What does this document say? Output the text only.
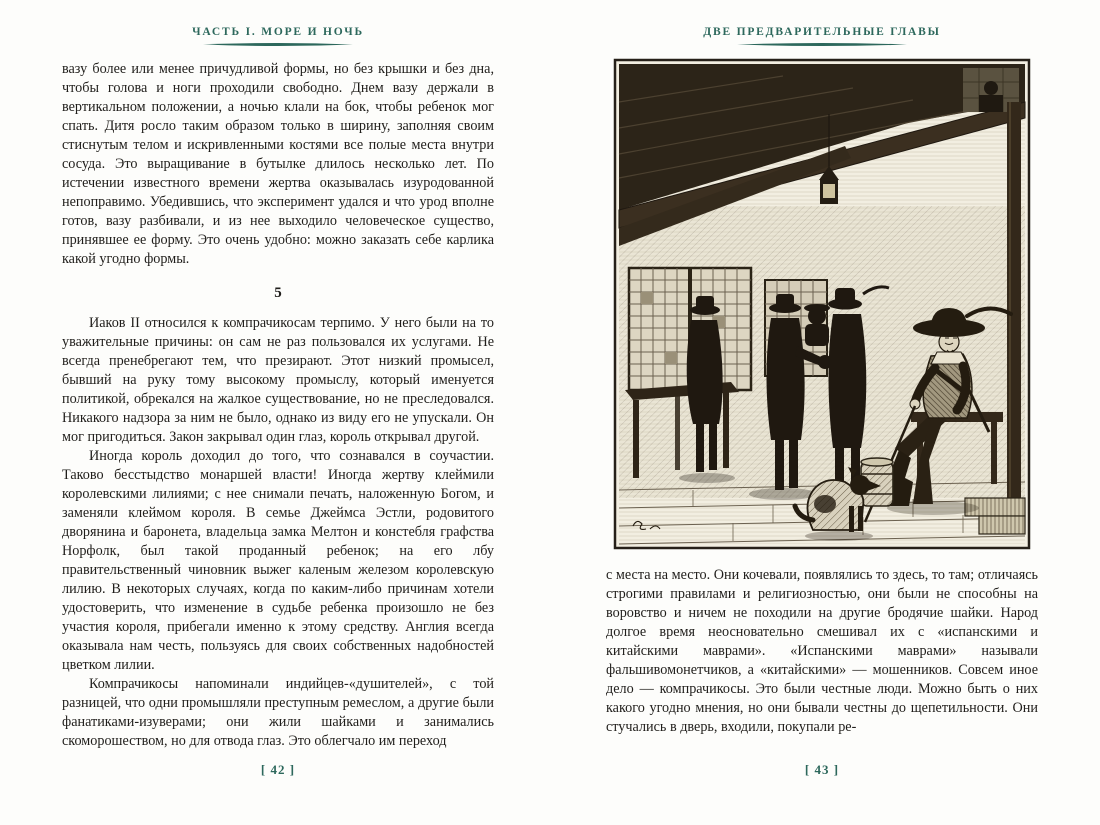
ЧАСТЬ I. МОРЕ И НОЧЬ

вазу более или менее причудливой формы, но без крышки и без дна, чтобы голова и ноги проходили свободно. Днем вазу держали в вертикальном положении, а ночью клали на бок, чтобы ребенок мог спать. Дитя росло таким образом только в ширину, заполняя своим стиснутым телом и искривленными костями все полые места внутри сосуда. Это выращивание в бутылке длилось несколько лет. По истечении известного времени жертва оказывалась изуродованной непоправимо. Убедившись, что эксперимент удался и что урод вполне готов, вазу разбивали, и из нее выходило человеческое существо, принявшее ее форму. Это очень удобно: можно заказать себе карлика какой угодно формы.

5

Иаков II относился к компрачикосам терпимо. У него были на то уважительные причины: он сам не раз пользовался их услугами. Не всегда пренебрегают тем, что презирают. Этот низкий промысел, бывший на руку тому высокому промыслу, который именуется политикой, обрекался на жалкое существование, но не преследовался. Никакого надзора за ним не было, однако из виду его не упускали. Он мог пригодиться. Закон закрывал один глаз, король открывал другой.

Иногда король доходил до того, что сознавался в соучастии. Таково бесстыдство монаршей власти! Иногда жертву клеймили королевскими лилиями; с нее снимали печать, наложенную Богом, и заменяли клеймом короля. В семье Джеймса Эстли, родовитого дворянина и баронета, владельца замка Мелтон и констебля графства Норфолк, был такой проданный ребенок; на его лбу правительственный чиновник выжег каленым железом королевскую лилию. В некоторых случаях, когда по каким-либо причинам хотели удостоверить, что изменение в судьбе ребенка произошло не без участия короля, прибегали именно к этому средству. Англия всегда оказывала нам честь, пользуясь для своих собственных надобностей цветком лилии.

Компрачикосы напоминали индийцев-«душителей», с той разницей, что одни промышляли преступным ремеслом, а другие были фанатиками-изуверами; они жили шайками и занимались скоморошеством, но для отвода глаз. Это облегчало им переход

[ 42 ]
ДВЕ ПРЕДВАРИТЕЛЬНЫЕ ГЛАВЫ

с места на место. Они кочевали, появлялись то здесь, то там; отличаясь строгими правилами и религиозностью, они были не способны на воровство и ничем не походили на другие бродячие шайки. Народ долгое время неосновательно смешивал их с «испанскими и китайскими маврами». «Испанскими маврами» называли фальшивомонетчиков, а «китайскими» — мошенников. Совсем иное дело — компрачикосы. Это были честные люди. Можно быть о них какого угодно мнения, но они бывали честны до щепетильности. Они стучались в дверь, входили, покупали ре-

[ 43 ]
